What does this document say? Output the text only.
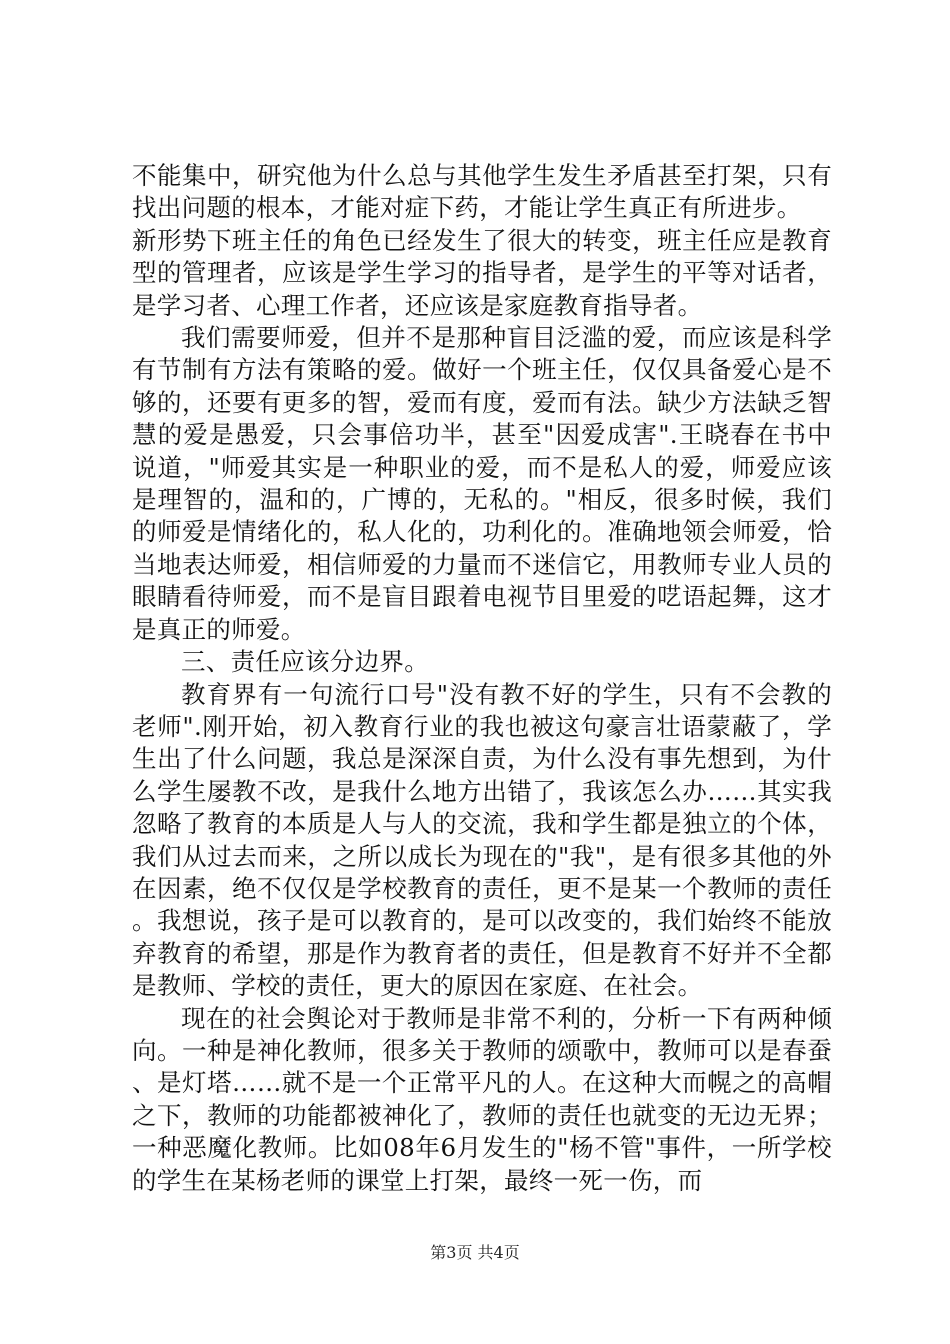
不能集中，研究他为什么总与其他学生发生矛盾甚至打架，只有找出问题的根本，才能对症下药，才能让学生真正有所进步。

新形势下班主任的角色已经发生了很大的转变，班主任应是教育型的管理者，应该是学生学习的指导者，是学生的平等对话者，是学习者、心理工作者，还应该是家庭教育指导者。

我们需要师爱，但并不是那种盲目泛滥的爱，而应该是科学有节制有方法有策略的爱。做好一个班主任，仅仅具备爱心是不够的，还要有更多的智，爱而有度，爱而有法。缺少方法缺乏智慧的爱是愚爱，只会事倍功半，甚至"因爱成害".王晓春在书中说道，"师爱其实是一种职业的爱，而不是私人的爱，师爱应该是理智的，温和的，广博的，无私的。"相反，很多时候，我们的师爱是情绪化的，私人化的，功利化的。准确地领会师爱，恰当地表达师爱，相信师爱的力量而不迷信它，用教师专业人员的眼睛看待师爱，而不是盲目跟着电视节目里爱的呓语起舞，这才是真正的师爱。

三、责任应该分边界。

教育界有一句流行口号"没有教不好的学生，只有不会教的老师".刚开始，初入教育行业的我也被这句豪言壮语蒙蔽了，学生出了什么问题，我总是深深自责，为什么没有事先想到，为什么学生屡教不改，是我什么地方出错了，我该怎么办……其实我忽略了教育的本质是人与人的交流，我和学生都是独立的个体，我们从过去而来，之所以成长为现在的"我"，是有很多其他的外在因素，绝不仅仅是学校教育的责任，更不是某一个教师的责任。我想说，孩子是可以教育的，是可以改变的，我们始终不能放弃教育的希望，那是作为教育者的责任，但是教育不好并不全都是教师、学校的责任，更大的原因在家庭、在社会。

现在的社会舆论对于教师是非常不利的，分析一下有两种倾向。一种是神化教师，很多关于教师的颂歌中，教师可以是春蚕、是灯塔……就不是一个正常平凡的人。在这种大而幌之的高帽之下，教师的功能都被神化了，教师的责任也就变的无边无界；一种恶魔化教师。比如08年6月发生的"杨不管"事件，一所学校的学生在某杨老师的课堂上打架，最终一死一伤，而

第3页 共4页
